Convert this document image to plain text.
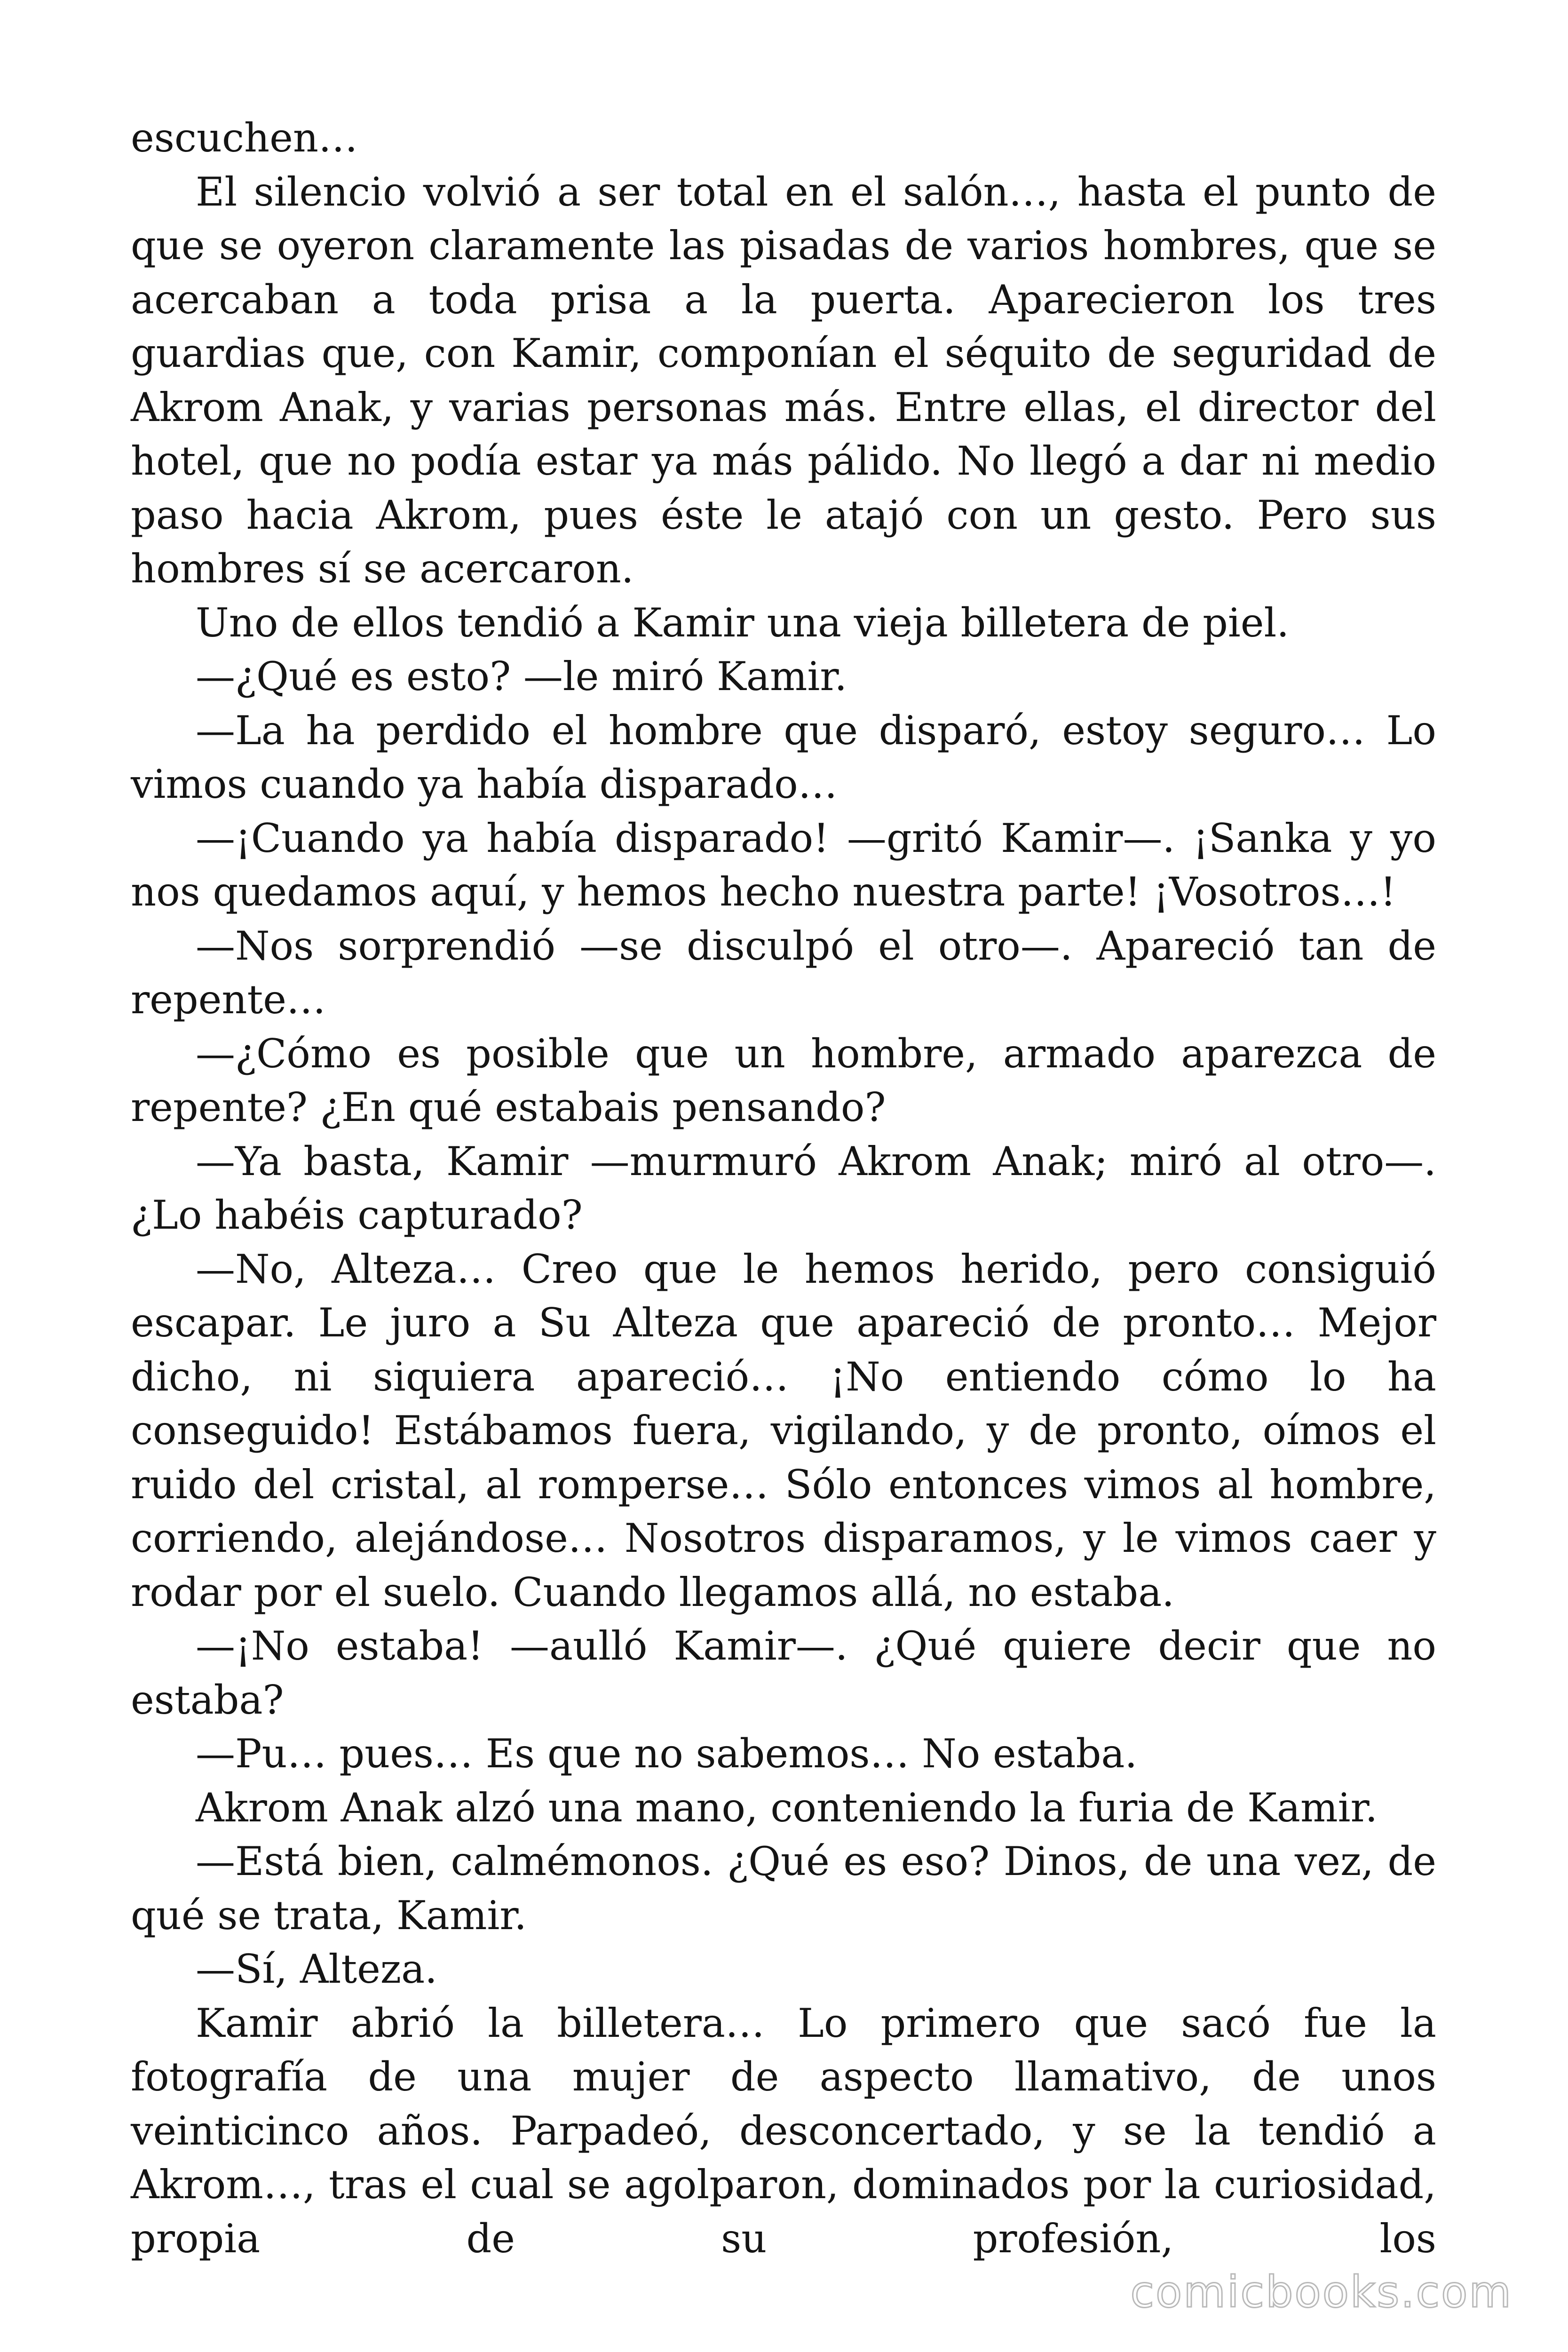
escuchen…

El silencio volvió a ser total en el salón…, hasta el punto de que se oyeron claramente las pisadas de varios hombres, que se acercaban a toda prisa a la puerta. Aparecieron los tres guardias que, con Kamir, componían el séquito de seguridad de Akrom Anak, y varias personas más. Entre ellas, el director del hotel, que no podía estar ya más pálido. No llegó a dar ni medio paso hacia Akrom, pues éste le atajó con un gesto. Pero sus hombres sí se acercaron.

Uno de ellos tendió a Kamir una vieja billetera de piel.

—¿Qué es esto? —le miró Kamir.

—La ha perdido el hombre que disparó, estoy seguro… Lo vimos cuando ya había disparado…

—¡Cuando ya había disparado! —gritó Kamir—. ¡Sanka y yo nos quedamos aquí, y hemos hecho nuestra parte! ¡Vosotros…!

—Nos sorprendió —se disculpó el otro—. Apareció tan de repente…

—¿Cómo es posible que un hombre, armado aparezca de repente? ¿En qué estabais pensando?

—Ya basta, Kamir —murmuró Akrom Anak; miró al otro—. ¿Lo habéis capturado?

—No, Alteza… Creo que le hemos herido, pero consiguió escapar. Le juro a Su Alteza que apareció de pronto… Mejor dicho, ni siquiera apareció… ¡No entiendo cómo lo ha conseguido! Estábamos fuera, vigilando, y de pronto, oímos el ruido del cristal, al romperse… Sólo entonces vimos al hombre, corriendo, alejándose… Nosotros disparamos, y le vimos caer y rodar por el suelo. Cuando llegamos allá, no estaba.

—¡No estaba! —aulló Kamir—. ¿Qué quiere decir que no estaba?

—Pu… pues… Es que no sabemos… No estaba.

Akrom Anak alzó una mano, conteniendo la furia de Kamir.

—Está bien, calmémonos. ¿Qué es eso? Dinos, de una vez, de qué se trata, Kamir.

—Sí, Alteza.

Kamir abrió la billetera… Lo primero que sacó fue la fotografía de una mujer de aspecto llamativo, de unos veinticinco años. Parpadeó, desconcertado, y se la tendió a Akrom…, tras el cual se agolparon, dominados por la curiosidad, propia de su profesión, los

comicbooks.com
